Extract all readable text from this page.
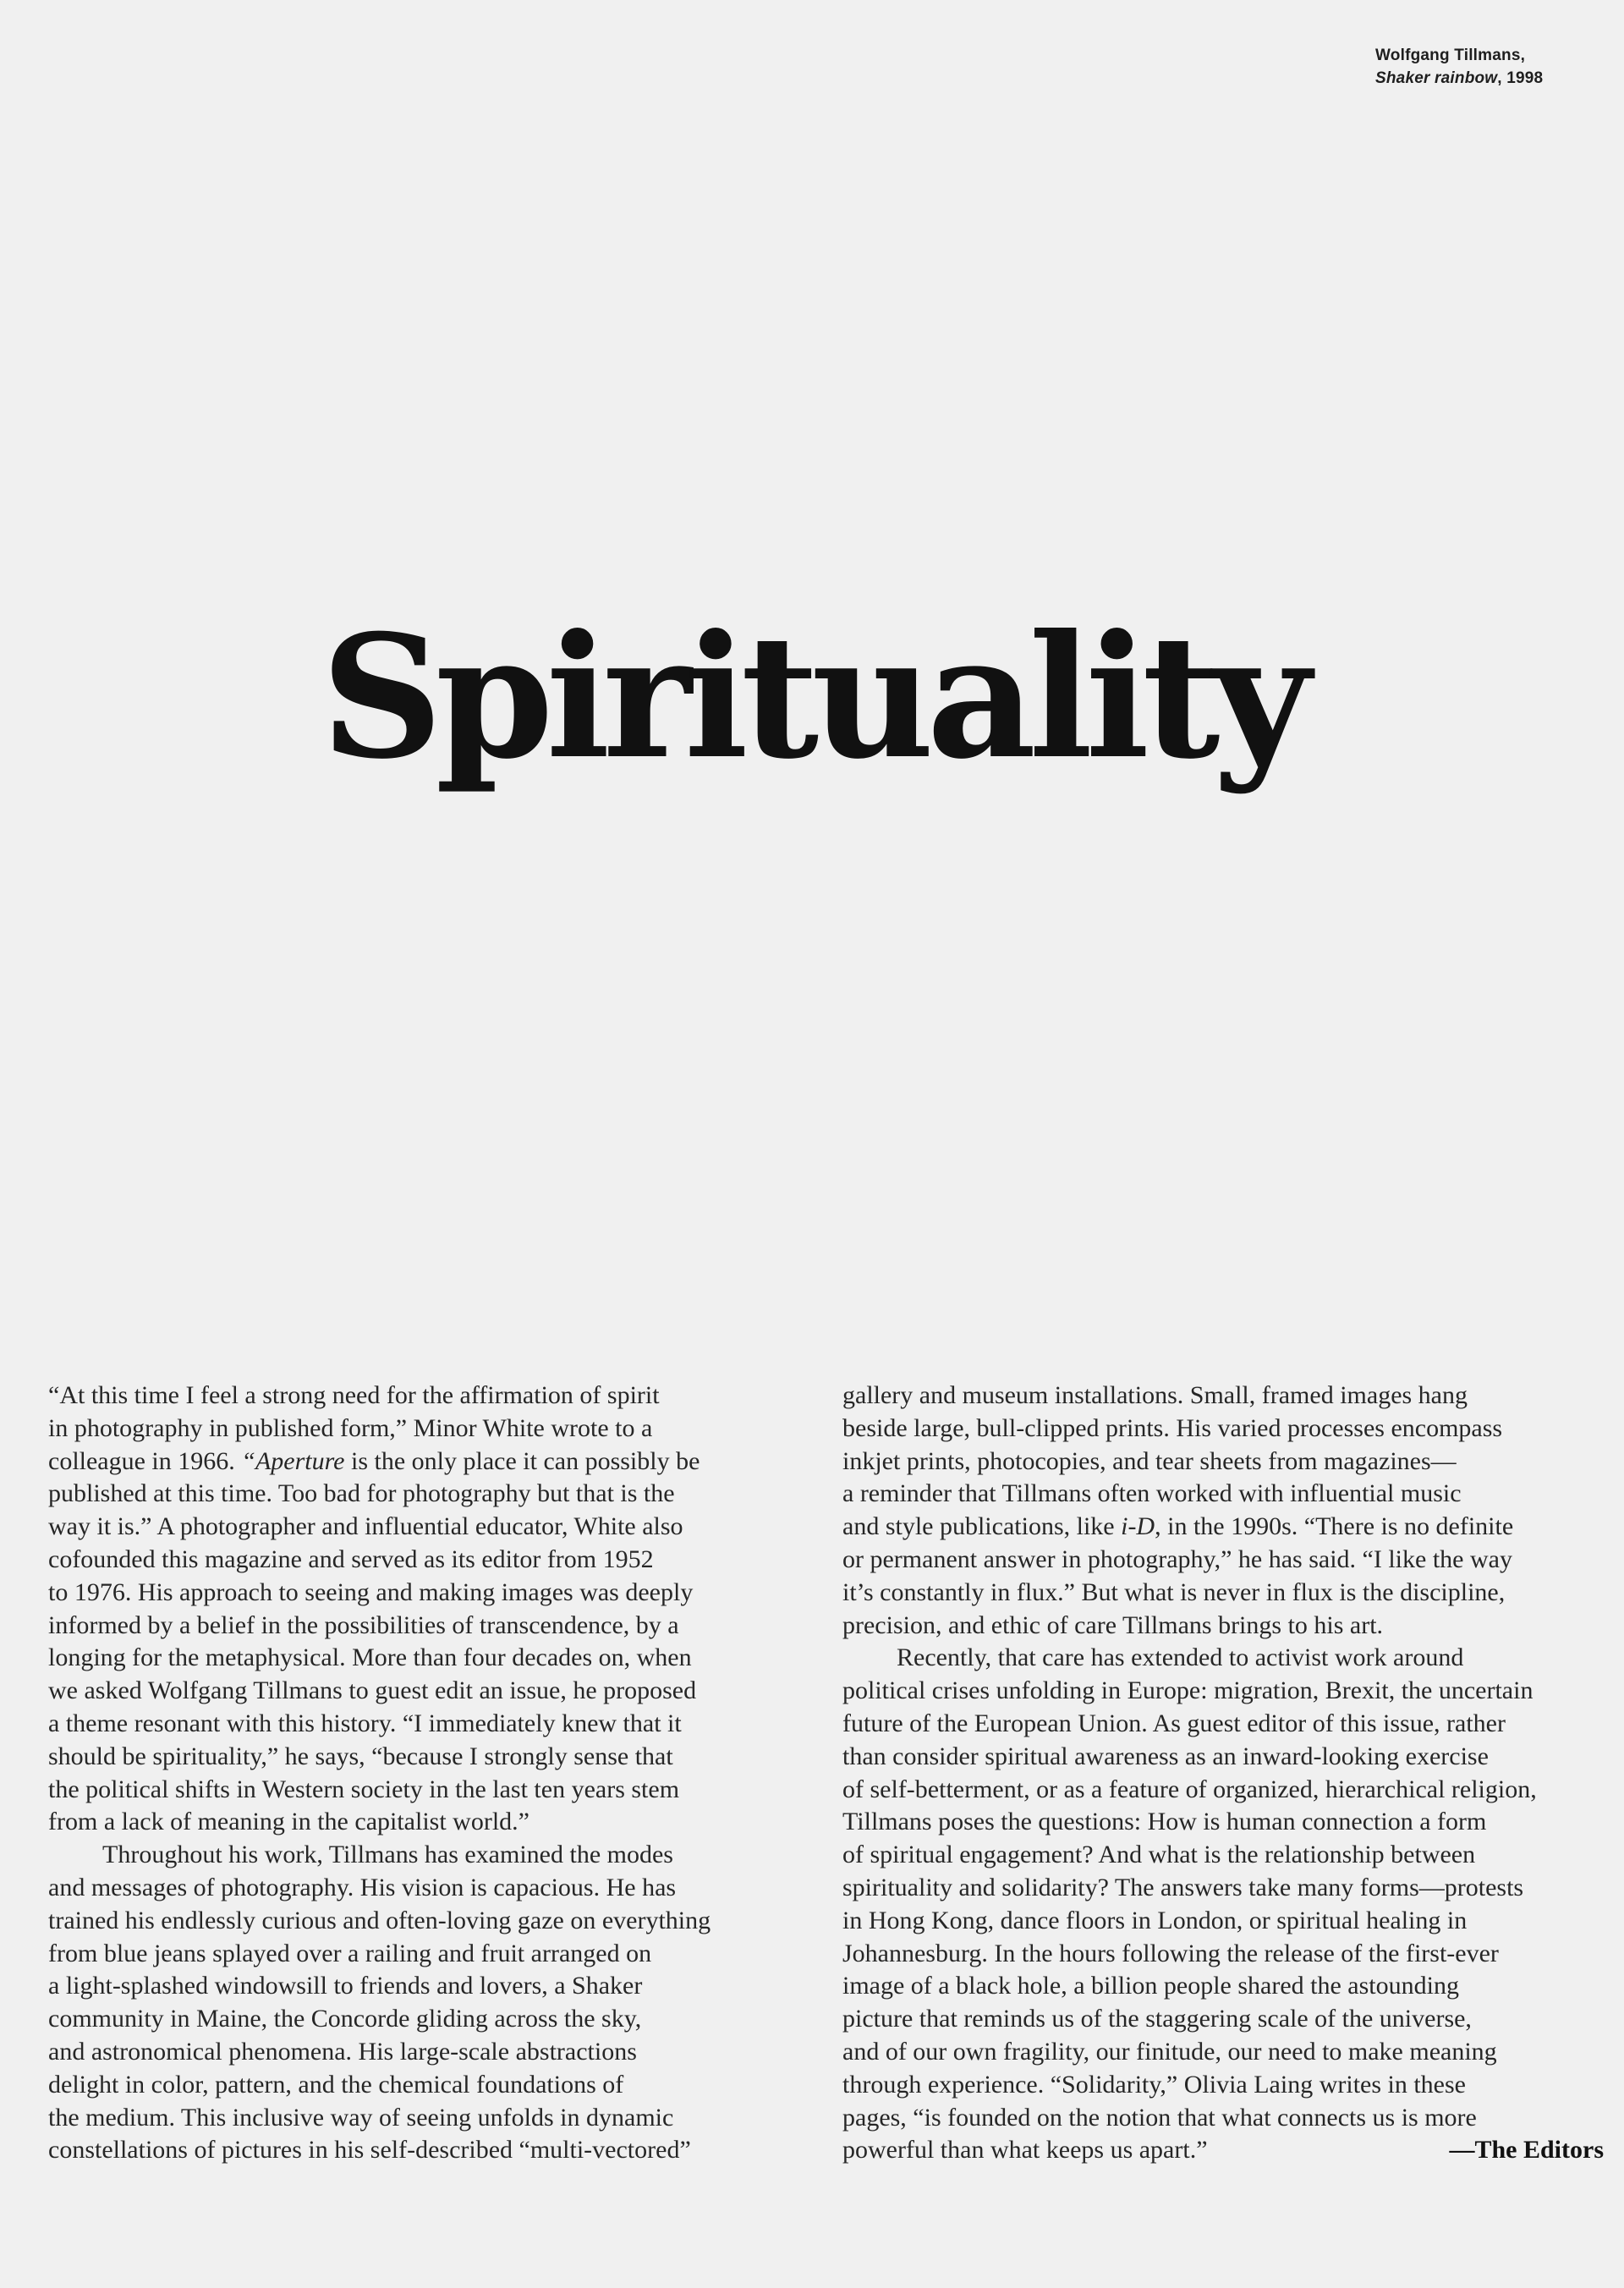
Wolfgang Tillmans,
Shaker rainbow, 1998
Spirituality
“At this time I feel a strong need for the affirmation of spirit
in photography in published form,” Minor White wrote to a
colleague in 1966. “Aperture is the only place it can possibly be
published at this time. Too bad for photography but that is the
way it is.” A photographer and influential educator, White also
cofounded this magazine and served as its editor from 1952
to 1976. His approach to seeing and making images was deeply
informed by a belief in the possibilities of transcendence, by a
longing for the metaphysical. More than four decades on, when
we asked Wolfgang Tillmans to guest edit an issue, he proposed
a theme resonant with this history. “I immediately knew that it
should be spirituality,” he says, “because I strongly sense that
the political shifts in Western society in the last ten years stem
from a lack of meaning in the capitalist world.”
Throughout his work, Tillmans has examined the modes
and messages of photography. His vision is capacious. He has
trained his endlessly curious and often-loving gaze on everything
from blue jeans splayed over a railing and fruit arranged on
a light-splashed windowsill to friends and lovers, a Shaker
community in Maine, the Concorde gliding across the sky,
and astronomical phenomena. His large-scale abstractions
delight in color, pattern, and the chemical foundations of
the medium. This inclusive way of seeing unfolds in dynamic
constellations of pictures in his self-described “multi-vectored”
gallery and museum installations. Small, framed images hang
beside large, bull-clipped prints. His varied processes encompass
inkjet prints, photocopies, and tear sheets from magazines—
a reminder that Tillmans often worked with influential music
and style publications, like i-D, in the 1990s. “There is no definite
or permanent answer in photography,” he has said. “I like the way
it’s constantly in flux.” But what is never in flux is the discipline,
precision, and ethic of care Tillmans brings to his art.
Recently, that care has extended to activist work around
political crises unfolding in Europe: migration, Brexit, the uncertain
future of the European Union. As guest editor of this issue, rather
than consider spiritual awareness as an inward-looking exercise
of self-betterment, or as a feature of organized, hierarchical religion,
Tillmans poses the questions: How is human connection a form
of spiritual engagement? And what is the relationship between
spirituality and solidarity? The answers take many forms—protests
in Hong Kong, dance floors in London, or spiritual healing in
Johannesburg. In the hours following the release of the first-ever
image of a black hole, a billion people shared the astounding
picture that reminds us of the staggering scale of the universe,
and of our own fragility, our finitude, our need to make meaning
through experience. “Solidarity,” Olivia Laing writes in these
pages, “is founded on the notion that what connects us is more
powerful than what keeps us apart.”	—The Editors
